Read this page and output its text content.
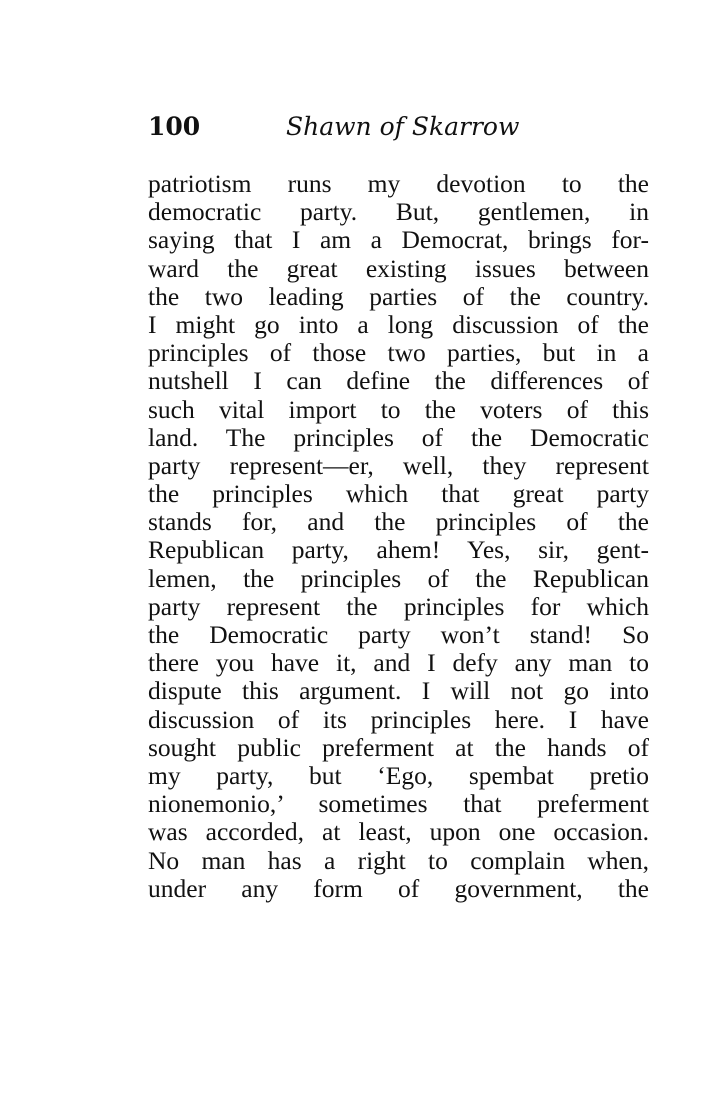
100	Shawn of Skarrow
patriotism runs my devotion to the
democratic party. But, gentlemen, in
saying that I am a Democrat, brings for-
ward the great existing issues between
the two leading parties of the country.
I might go into a long discussion of the
principles of those two parties, but in a
nutshell I can define the differences of
such vital import to the voters of this
land. The principles of the Democratic
party represent—er, well, they represent
the principles which that great party
stands for, and the principles of the
Republican party, ahem! Yes, sir, gent-
lemen, the principles of the Republican
party represent the principles for which
the Democratic party won’t stand! So
there you have it, and I defy any man to
dispute this argument. I will not go into
discussion of its principles here. I have
sought public preferment at the hands of
my party, but ‘Ego, spembat pretio
nionemonio,’ sometimes that preferment
was accorded, at least, upon one occasion.
No man has a right to complain when,
under any form of government, the
